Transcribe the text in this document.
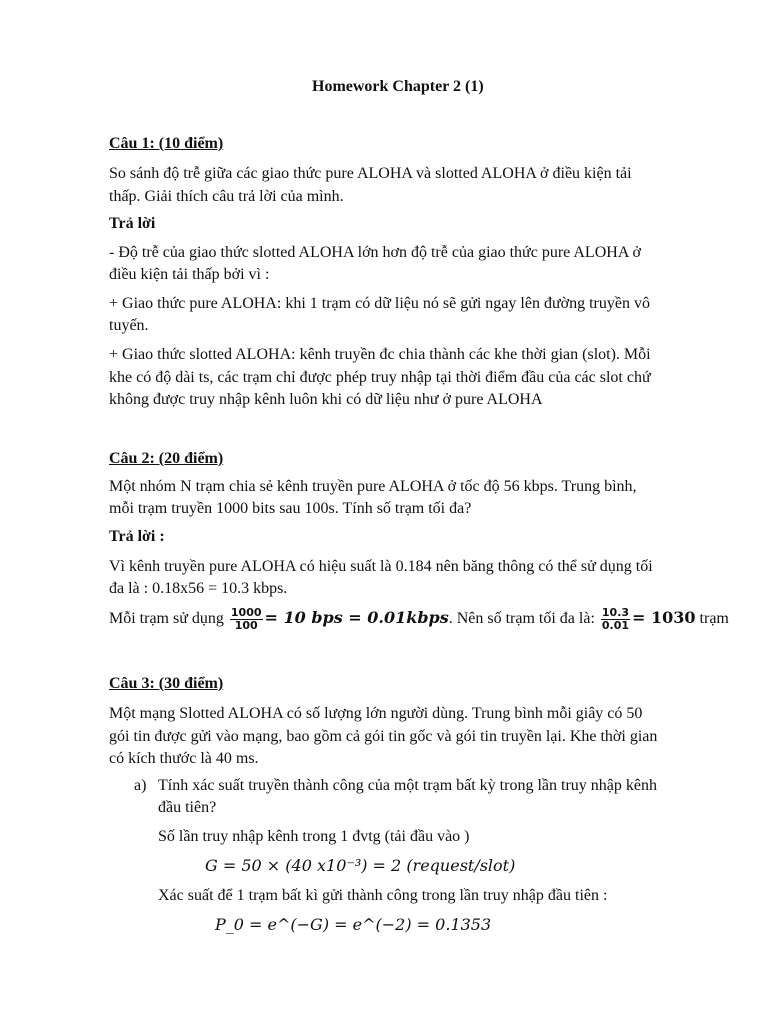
Homework Chapter 2 (1)
Câu 1: (10 điểm)
So sánh độ trễ giữa các giao thức pure ALOHA và slotted ALOHA ở điều kiện tải
thấp. Giải thích câu trả lời của mình.
Trả lời
- Độ trễ của giao thức slotted ALOHA lớn hơn độ trễ của giao thức pure ALOHA ở
điều kiện tải thấp bởi vì :
+ Giao thức pure ALOHA: khi 1 trạm có dữ liệu nó sẽ gửi ngay lên đường truyền vô
tuyến.
+ Giao thức slotted ALOHA: kênh truyền đc chia thành các khe thời gian (slot). Mỗi
khe có độ dài ts, các trạm chỉ được phép truy nhập tại thời điểm đầu của các slot chứ
không được truy nhập kênh luôn khi có dữ liệu như ở pure ALOHA
Câu 2: (20 điểm)
Một nhóm N trạm chia sẻ kênh truyền pure ALOHA ở tốc độ 56 kbps. Trung bình,
mỗi trạm truyền 1000 bits sau 100s. Tính số trạm tối đa?
Trả lời :
Vì kênh truyền pure ALOHA có hiệu suất là 0.184 nên băng thông có thể sử dụng tối
đa là : 0.18x56 = 10.3 kbps.
Mỗi trạm sử dụng $\frac{1000}{100} = 10$ bps = 0.01kbps. Nên số trạm tối đa là: $\frac{10.3}{0.01} = 1030$ trạm
Câu 3: (30 điểm)
Một mạng Slotted ALOHA có số lượng lớn người dùng. Trung bình mỗi giây có 50
gói tin được gửi vào mạng, bao gồm cả gói tin gốc và gói tin truyền lại. Khe thời gian
có kích thước là 40 ms.
a) Tính xác suất truyền thành công của một trạm bất kỳ trong lần truy nhập kênh
đầu tiên?
Số lần truy nhập kênh trong 1 đvtg (tải đầu vào )
G = 50 × (40 x10⁻³) = 2 (request/slot)
Xác suất để 1 trạm bất kì gửi thành công trong lần truy nhập đầu tiên :
P_0 = e^(−G) = e^(−2) = 0.1353
